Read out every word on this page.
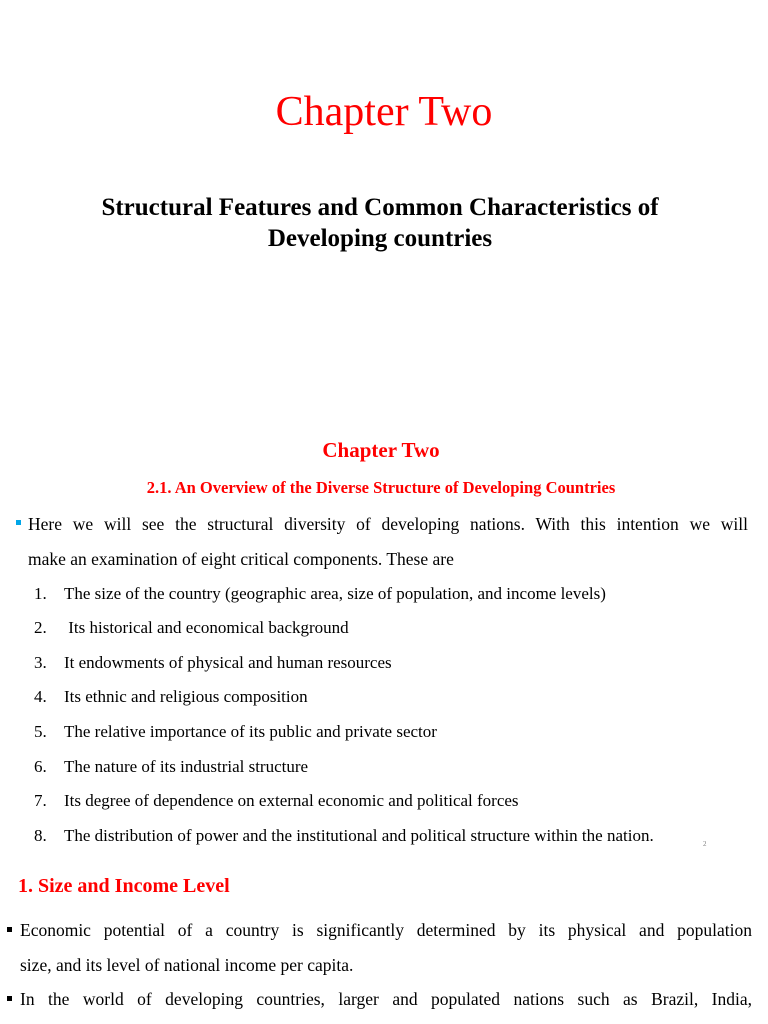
Chapter Two
Structural Features and Common Characteristics of
Developing countries
Chapter Two
2.1. An Overview of the Diverse Structure of Developing Countries
Here we will see the structural diversity of developing nations. With this intention we will
make an examination of eight critical components. These are
1. The size of the country (geographic area, size of population, and income levels)
2. Its historical and economical background
3. It endowments of physical and human resources
4. Its ethnic and religious composition
5. The relative importance of its public and private sector
6. The nature of its industrial structure
7. Its degree of dependence on external economic and political forces
8. The distribution of power and the institutional and political structure within the nation.	2
1. Size and Income Level
Economic potential of a country is significantly determined by its physical and population
size, and its level of national income per capita.
In the world of developing countries, larger and populated nations such as Brazil, India,
